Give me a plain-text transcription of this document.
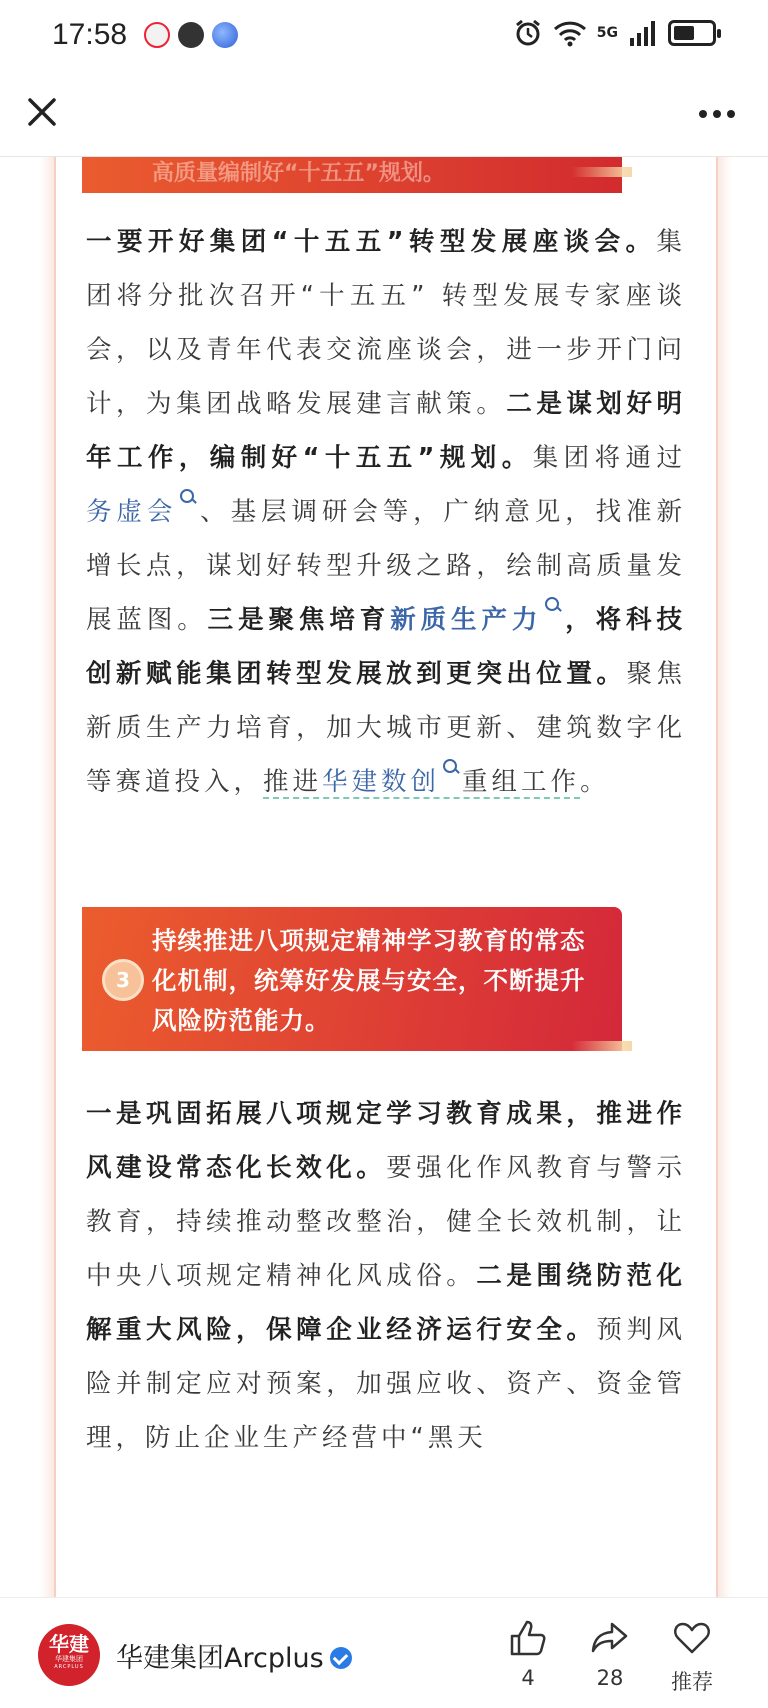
17:58	5G
高质量编制好“十五五”规划。

一要开好集团“十五五”转型发展座谈会。集团将分批次召开“十五五” 转型发展专家座谈会，以及青年代表交流座谈会，进一步开门问计，为集团战略发展建言献策。二是谋划好明年工作，编制好“十五五”规划。集团将通过务虚会 、基层调研会等，广纳意见，找准新增长点，谋划好转型升级之路，绘制高质量发展蓝图。三是聚焦培育新质生产力 ，将科技创新赋能集团转型发展放到更突出位置。聚焦新质生产力培育，加大城市更新、建筑数字化等赛道投入，推进华建数创 重组工作。

3
持续推进八项规定精神学习教育的常态化机制，统筹好发展与安全，不断提升风险防范能力。

一是巩固拓展八项规定学习教育成果，推进作风建设常态化长效化。要强化作风教育与警示教育，持续推动整改整治，健全长效机制，让中央八项规定精神化风成俗。二是围绕防范化解重大风险，保障企业经济运行安全。预判风险并制定应对预案，加强应收、资产、资金管理，防止企业生产经营中“黑天

华建
华建集团
ARCPLUS	华建集团Arcplus
4	28	推荐
